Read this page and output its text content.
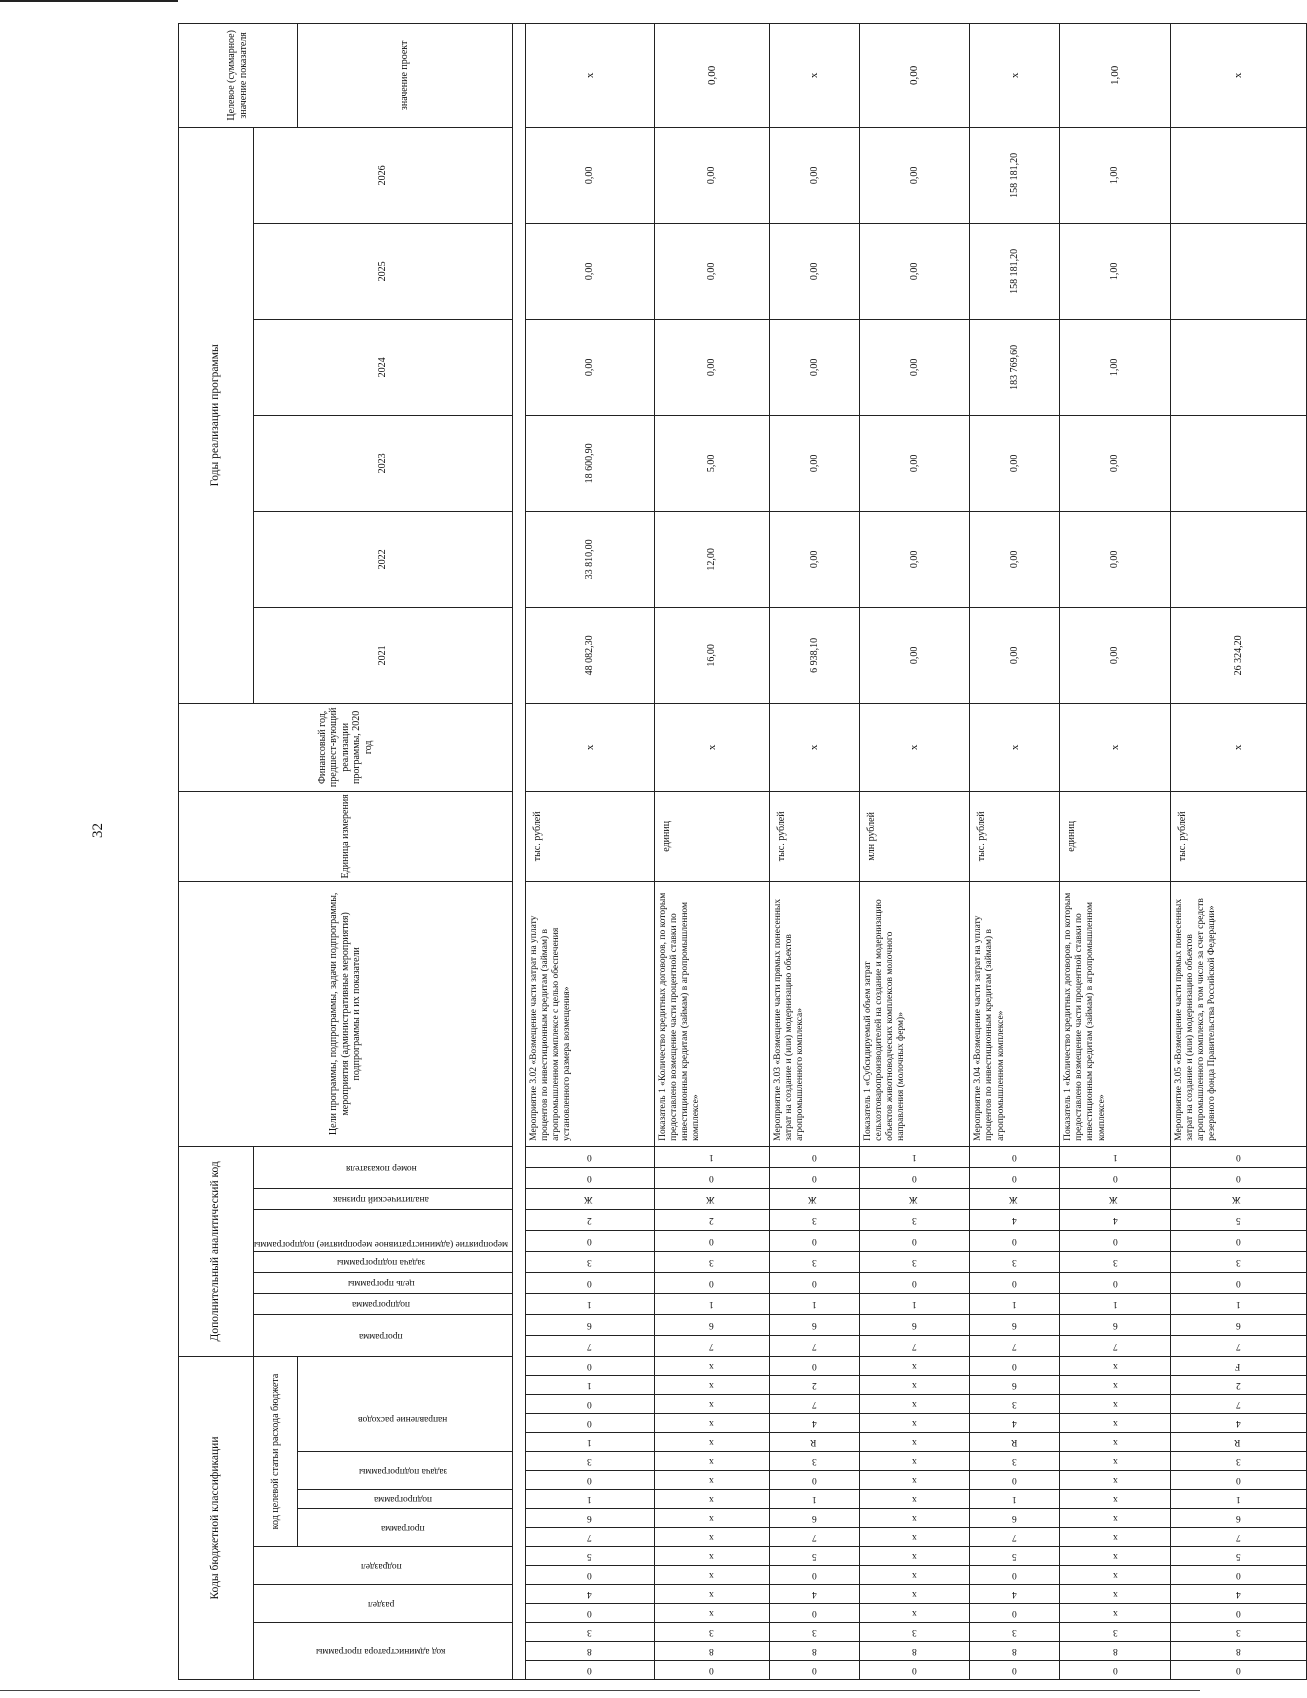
32
Коды бюджетной классификации																	Дополнительный аналитический код										Цели программы, подпрограммы, задачи подпрограммы, мероприятия (административные мероприятия) подпрограммы и их показатели	Единица измерения	Финансовый год, предшест-вующий реализации программы, 2020 год	Годы реализации программы						Целевое (суммарное) значение показателя
код администратора программы			раздел		подраздел		код целевой статьи расхода бюджета										программа		подпрограмма	цель программы	задача подпрограммы	мероприятие (административное мероприятие) подпрограммы		аналитический признак	номер показателя					2021	2022	2023	2024	2025	2026	
							программа		подпрограмма	задача подпрограммы		направление расходов																								значение проект

0	8	3	0	4	0	5	7	6	1	0	3	1	0	0	1	0	7	6	1	0	3	0	2	Ж	0	0	Мероприятие 3.02 «Возмещение части затрат на уплату процентов по инвестиционным кредитам (займам) в агропромышленном комплексе с целью обеспечения установленного размера возмещения»	тыс. рублей	х	48 082,30	33 810,00	18 600,90	0,00	0,00	0,00	х
0	8	3	х	х	х	х	х	х	х	х	х	х	х	х	х	х	7	6	1	0	3	0	2	Ж	0	1	Показатель 1 «Количество кредитных договоров, по которым предоставлено возмещение части процентной ставки по инвестиционным кредитам (займам) в агропромышленном комплексе»	единиц	х	16,00	12,00	5,00	0,00	0,00	0,00	0,00
0	8	3	0	4	0	5	7	6	1	0	3	R	4	7	2	0	7	6	1	0	3	0	3	Ж	0	0	Мероприятие 3.03 «Возмещение части прямых понесенных затрат на создание и (или) модернизацию объектов агропромышленного комплекса»	тыс. рублей	х	6 938,10	0,00	0,00	0,00	0,00	0,00	х
0	8	3	х	х	х	х	х	х	х	х	х	х	х	х	х	х	7	6	1	0	3	0	3	Ж	0	1	Показатель 1 «Субсидируемый объем затрат сельхозтоваропроизводителей на создание и модернизацию объектов животноводческих комплексов молочного направления (молочных ферм)»	млн рублей	х	0,00	0,00	0,00	0,00	0,00	0,00	0,00
0	8	3	0	4	0	5	7	6	1	0	3	R	4	3	6	0	7	6	1	0	3	0	4	Ж	0	0	Мероприятие 3.04 «Возмещение части затрат на уплату процентов по инвестиционным кредитам (займам) в агропромышленном комплексе»	тыс. рублей	х	0,00	0,00	0,00	183 769,60	158 181,20	158 181,20	х
0	8	3	х	х	х	х	х	х	х	х	х	х	х	х	х	х	7	6	1	0	3	0	4	Ж	0	1	Показатель 1 «Количество кредитных договоров, по которым предоставлено возмещение части процентной ставки по инвестиционным кредитам (займам) в агропромышленном комплексе»	единиц	х	0,00	0,00	0,00	1,00	1,00	1,00	1,00
0	8	3	0	4	0	5	7	6	1	0	3	R	4	7	2	F	7	6	1	0	3	0	5	Ж	0	0	Мероприятие 3.05 «Возмещение части прямых понесенных затрат на создание и (или) модернизацию объектов агропромышленного комплекса, в том числе за счет средств резервного фонда Правительства Российской Федерации»	тыс. рублей	х	26 324,20						х
